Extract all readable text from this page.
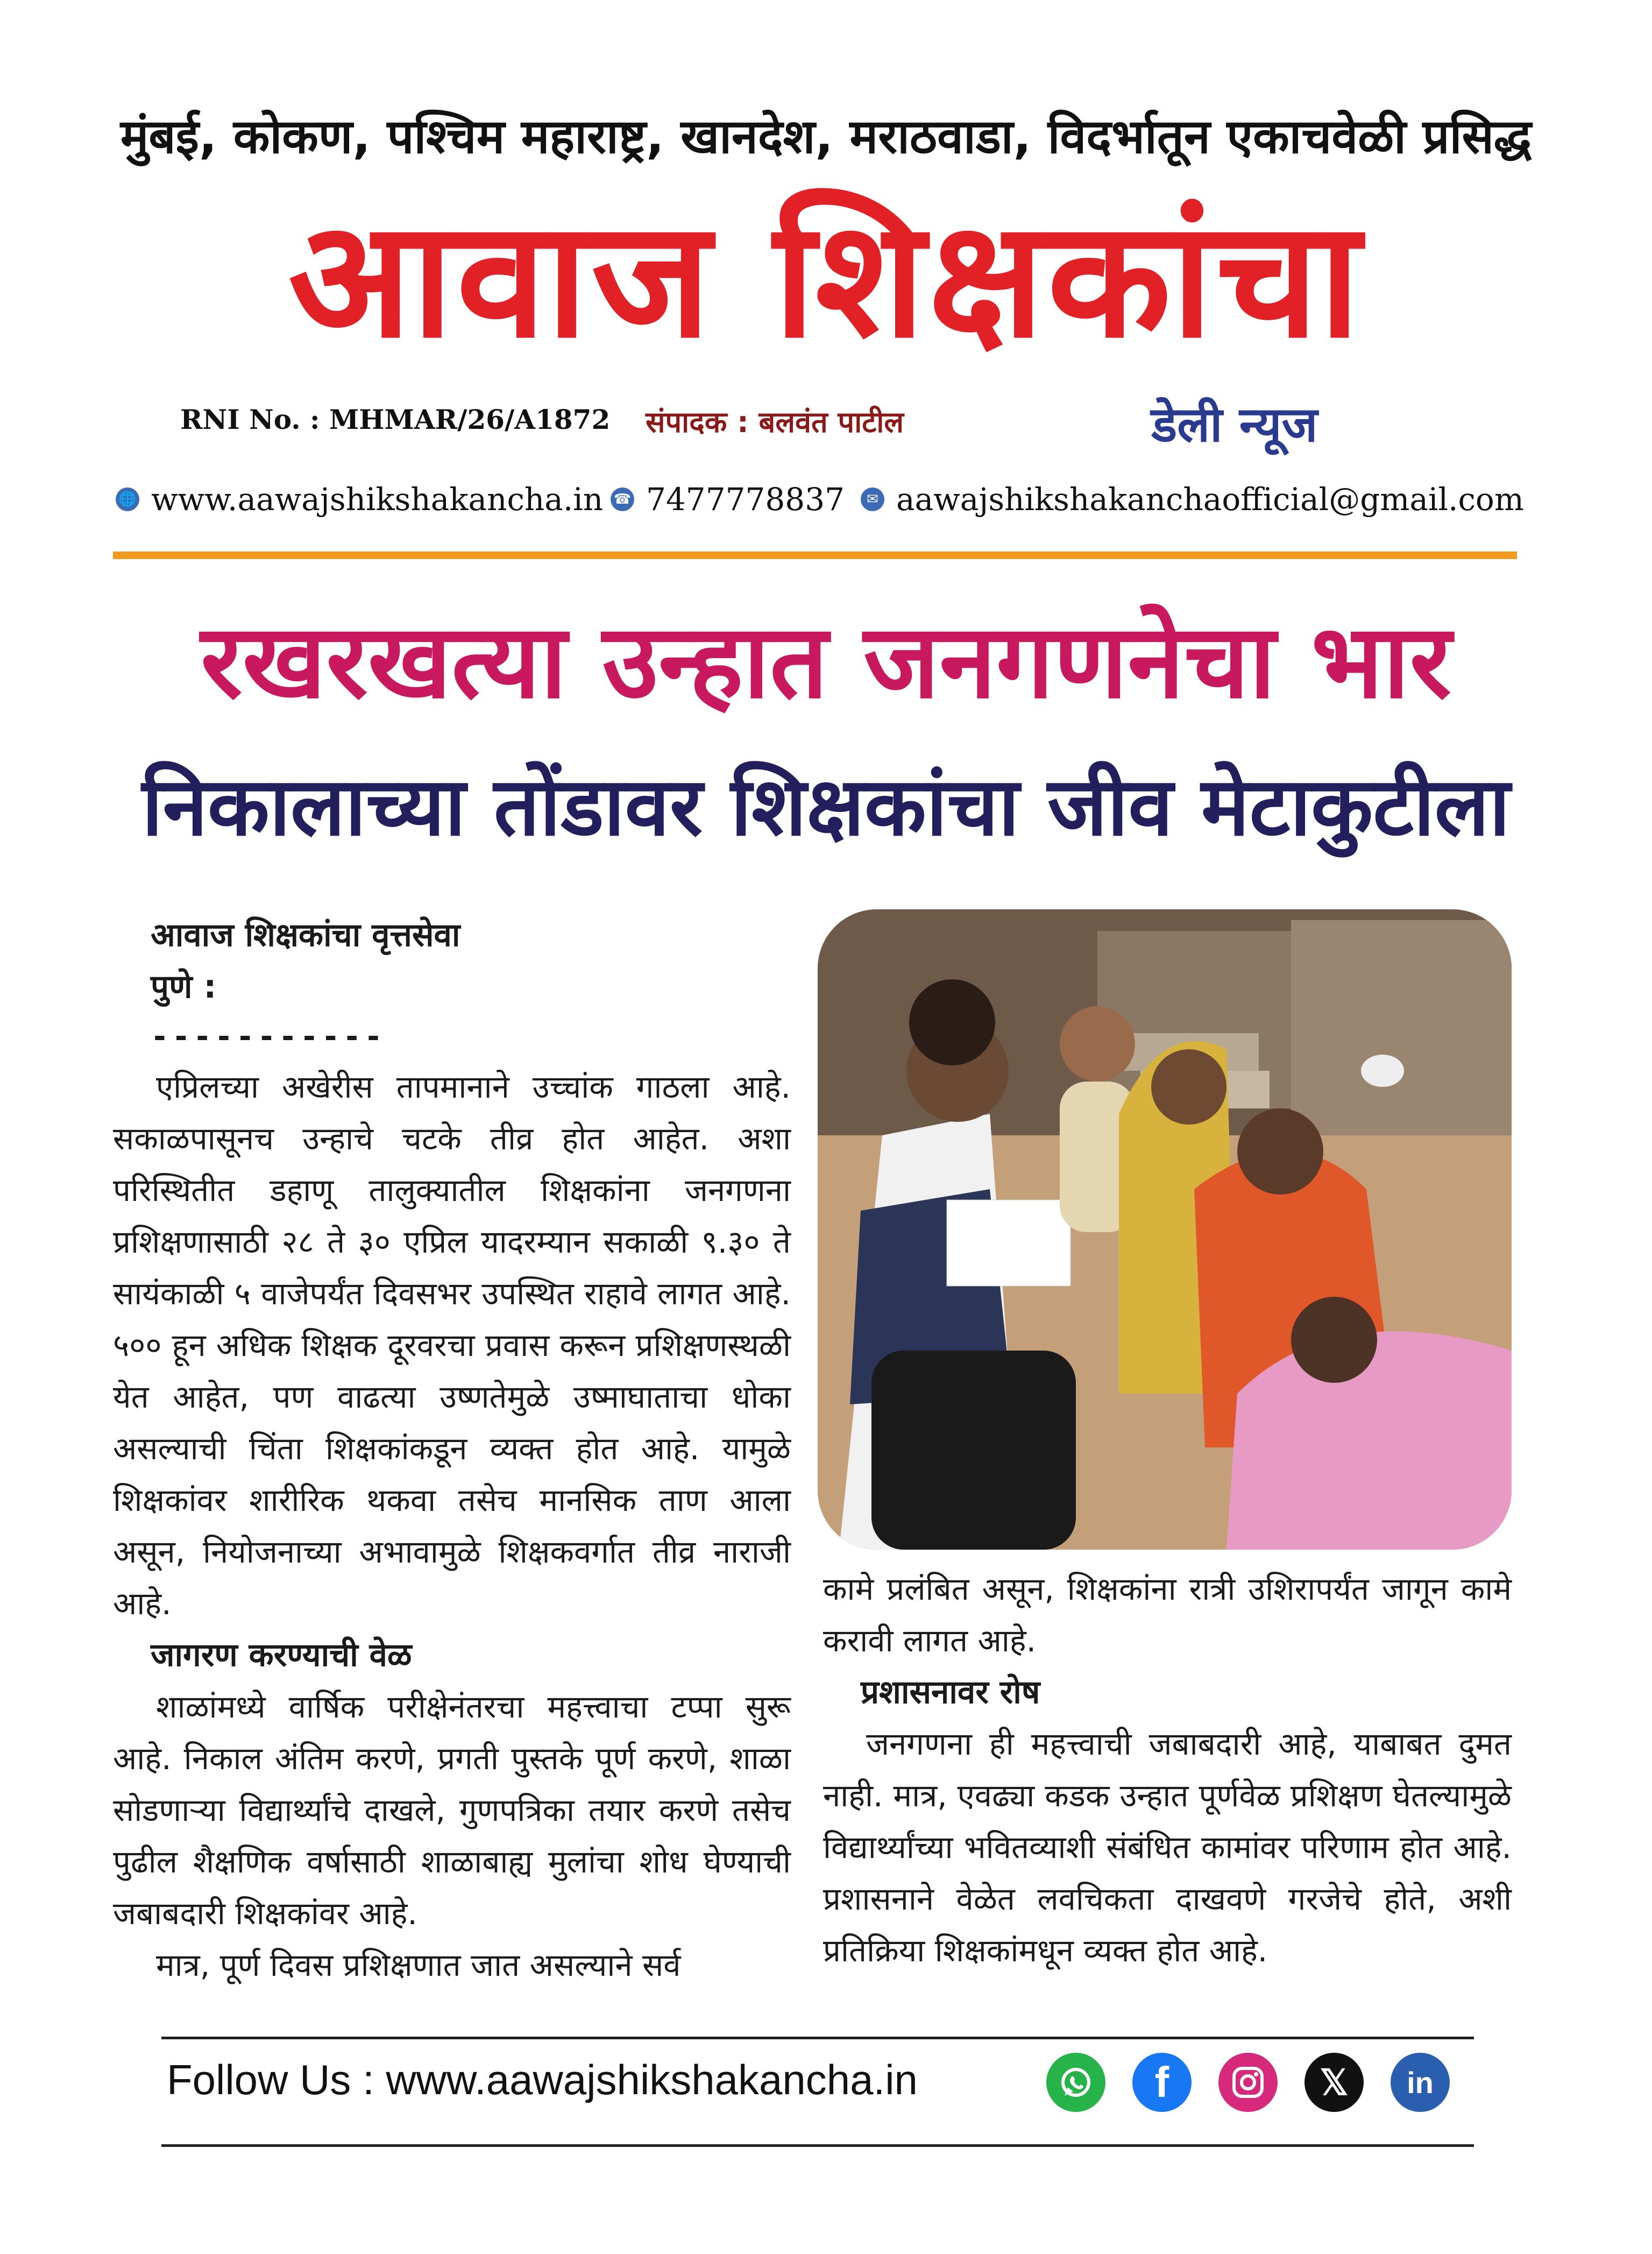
मुंबई, कोकण, पश्चिम महाराष्ट्र, खानदेश, मराठवाडा, विदर्भातून एकाचवेळी प्रसिद्ध
आवाज शिक्षकांचा
RNI No. : MHMAR/26/A1872 संपादक : बलवंत पाटील	डेली न्यूज
🌐 www.aawajshikshakancha.in ☎ 7477778837	✉ aawajshikshakanchaofficial@gmail.com
रखरखत्या उन्हात जनगणनेचा भार
निकालाच्या तोंडावर शिक्षकांचा जीव मेटाकुटीला
आवाज शिक्षकांचा वृत्तसेवा
पुणे :
-----------

एप्रिलच्या अखेरीस तापमानाने उच्चांक गाठला आहे. सकाळपासूनच उन्हाचे चटके तीव्र होत आहेत. अशा परिस्थितीत डहाणू तालुक्यातील शिक्षकांना जनगणना प्रशिक्षणासाठी २८ ते ३० एप्रिल यादरम्यान सकाळी ९.३० ते सायंकाळी ५ वाजेपर्यंत दिवसभर उपस्थित राहावे लागत आहे. ५०० हून अधिक शिक्षक दूरवरचा प्रवास करून प्रशिक्षणस्थळी येत आहेत, पण वाढत्या उष्णतेमुळे उष्माघाताचा धोका असल्याची चिंता शिक्षकांकडून व्यक्त होत आहे. यामुळे शिक्षकांवर शारीरिक थकवा तसेच मानसिक ताण आला असून, नियोजनाच्या अभावामुळे शिक्षकवर्गात तीव्र नाराजी आहे.

जागरण करण्याची वेळ

शाळांमध्ये वार्षिक परीक्षेनंतरचा महत्त्वाचा टप्पा सुरू आहे. निकाल अंतिम करणे, प्रगती पुस्तके पूर्ण करणे, शाळा सोडणाऱ्या विद्यार्थ्यांचे दाखले, गुणपत्रिका तयार करणे तसेच पुढील शैक्षणिक वर्षासाठी शाळाबाह्य मुलांचा शोध घेण्याची जबाबदारी शिक्षकांवर आहे.

मात्र, पूर्ण दिवस प्रशिक्षणात जात असल्याने सर्व

कामे प्रलंबित असून, शिक्षकांना रात्री उशिरापर्यंत जागून कामे करावी लागत आहे.

प्रशासनावर रोष

जनगणना ही महत्त्वाची जबाबदारी आहे, याबाबत दुमत नाही. मात्र, एवढ्या कडक उन्हात पूर्णवेळ प्रशिक्षण घेतल्यामुळे विद्यार्थ्यांच्या भवितव्याशी संबंधित कामांवर परिणाम होत आहे. प्रशासनाने वेळेत लवचिकता दाखवणे गरजेचे होते, अशी प्रतिक्रिया शिक्षकांमधून व्यक्त होत आहे.

Follow Us : www.aawajshikshakancha.in	f	𝕏	in
